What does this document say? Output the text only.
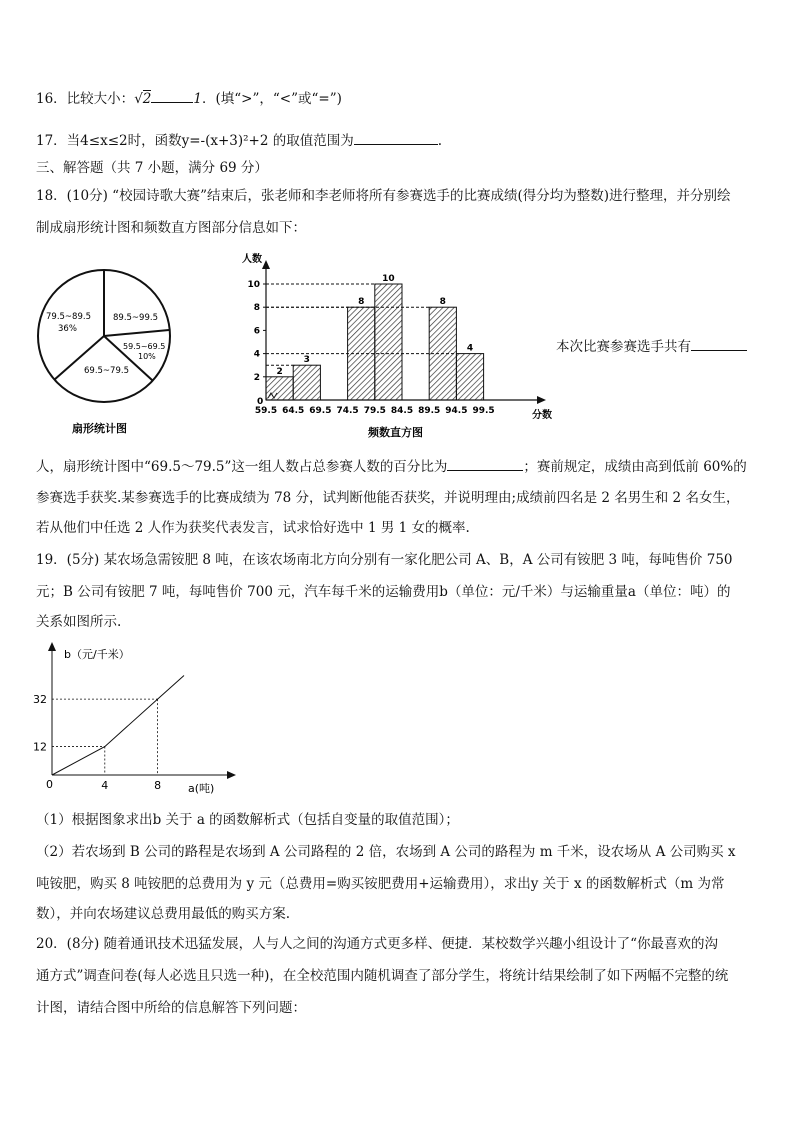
16．比较大小：√2	1．(填“>”，“<”或“=”)
17．当4≤x≤2时，函数y=-(x+3)²+2 的取值范围为	.
三、解答题（共 7 小题，满分 69 分）
18．(10分) “校园诗歌大赛”结束后，张老师和李老师将所有参赛选手的比赛成绩(得分均为整数)进行整理，并分别绘
制成扇形统计图和频数直方图部分信息如下：
79.5~89.5
36%
89.5~99.5
59.5~69.5
10%
69.5~79.5
扇形统计图
0
2
4
6
8
10
59.5 64.5 69.5 74.5 79.5 84.5 89.5 94.5 99.5
2
3
8
10
8
4
人数
分数
频数直方图
本次比赛参赛选手共有
人，扇形统计图中“69.5～79.5”这一组人数占总参赛人数的百分比为	；赛前规定，成绩由高到低前 60%的
参赛选手获奖.某参赛选手的比赛成绩为 78 分，试判断他能否获奖，并说明理由;成绩前四名是 2 名男生和 2 名女生，
若从他们中任选 2 人作为获奖代表发言，试求恰好选中 1 男 1 女的概率.
19．(5分) 某农场急需铵肥 8 吨，在该农场南北方向分别有一家化肥公司 A、B，A 公司有铵肥 3 吨，每吨售价 750
元；B 公司有铵肥 7 吨，每吨售价 700 元，汽车每千米的运输费用b（单位：元/千米）与运输重量a（单位：吨）的
关系如图所示.
b（元/千米）
a(吨)
0
12
32
4	8
（1）根据图象求出b 关于 a 的函数解析式（包括自变量的取值范围）；
（2）若农场到 B 公司的路程是农场到 A 公司路程的 2 倍，农场到 A 公司的路程为 m 千米，设农场从 A 公司购买 x
吨铵肥，购买 8 吨铵肥的总费用为 y 元（总费用=购买铵肥费用+运输费用），求出y 关于 x 的函数解析式（m 为常
数），并向农场建议总费用最低的购买方案.
20．(8分) 随着通讯技术迅猛发展，人与人之间的沟通方式更多样、便捷．某校数学兴趣小组设计了“你最喜欢的沟
通方式”调查问卷(每人必选且只选一种)，在全校范围内随机调查了部分学生，将统计结果绘制了如下两幅不完整的统
计图，请结合图中所给的信息解答下列问题：
